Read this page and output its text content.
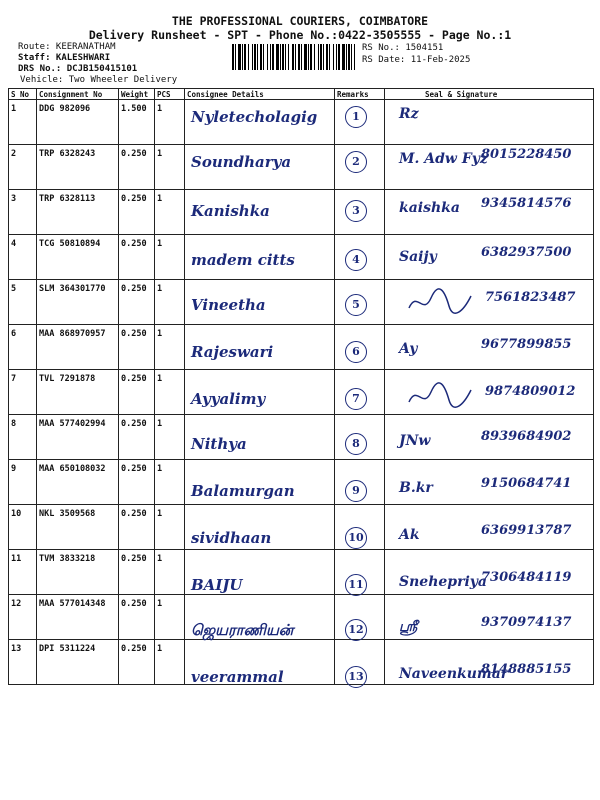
THE PROFESSIONAL COURIERS, COIMBATORE
Delivery Runsheet - SPT - Phone No.:0422-3505555 - Page No.:1
Route: KEERANATHAM
Staff: KALESHWARI
DRS No.: DCJB150415101
Vehicle: Two Wheeler Delivery
RS No.: 1504151
RS Date: 11-Feb-2025
S No	Consignment No	Weight	PCS	Consignee Details	Remarks	Seal & Signature
1	DDG 982096	1.500	1	Nyletecholagig	1	Rz

2	TRP 6328243	0.250	1	Soundharya	2	M. Adw Fyz
8015228450

3	TRP 6328113	0.250	1	Kanishka	3	kaishka 9345814576

4	TCG 50810894	0.250	1	madem citts	4	Saijy 6382937500

5	SLM 364301770	0.250	1	Vineetha	5	7561823487

6	MAA 868970957	0.250	1	Rajeswari	6	Ay 9677899855

7	TVL 7291878	0.250	1	Ayyalimy	7	9874809012

8	MAA 577402994	0.250	1	Nithya	8	JNw 8939684902

9	MAA 650108032	0.250	1	Balamurgan	9	B.kr 9150684741

10	NKL 3509568	0.250	1	sividhaan	10	Ak 6369913787

11	TVM 3833218	0.250	1	BAIJU	11	Snehepriya
7306484119

12	MAA 577014348	0.250	1	ஜெயராணியன்	12	ஸ்ரீ 9370974137

13	DPI 5311224	0.250	1	veerammal	13	Naveenkumar
8148885155
